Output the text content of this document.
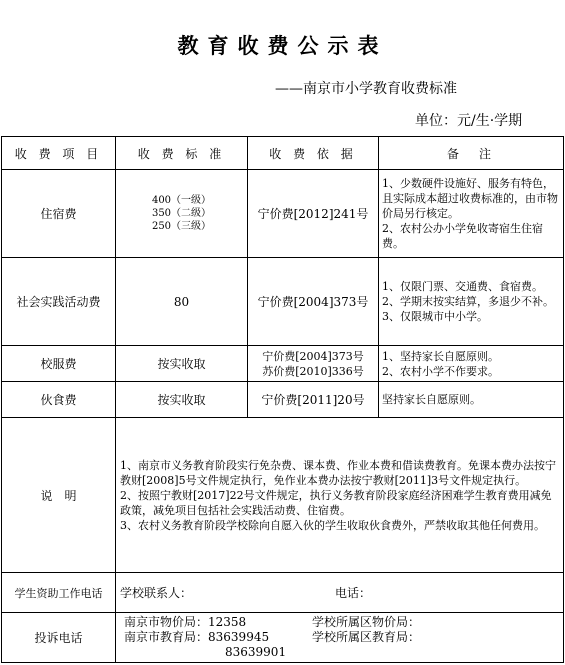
教育收费公示表
——南京市小学教育收费标准
单位：元/生·学期
收 费 项 目	收 费 标 准	收 费 依 据	备　注
住宿费	400（一级）
350（二级）
250（三级）	宁价费[2012]241号	1、少数硬件设施好、服务有特色，且实际成本超过收费标准的，由市物价局另行核定。
2、农村公办小学免收寄宿生住宿费。

社会实践活动费	80	宁价费[2004]373号	1、仅限门票、交通费、食宿费。
2、学期末按实结算，多退少不补。
3、仅限城市中小学。

校服费	按实收取	宁价费[2004]373号
苏价费[2010]336号	1、坚持家长自愿原则。
2、农村小学不作要求。

伙食费	按实收取	宁价费[2011]20号	坚持家长自愿原则。
说　明	1、南京市义务教育阶段实行免杂费、课本费、作业本费和借读费教育。免课本费办法按宁教财[2008]5号文件规定执行，免作业本费办法按宁教财[2011]3号文件规定执行。
2、按照宁教财[2017]22号文件规定，执行义务教育阶段家庭经济困难学生教育费用减免政策，减免项目包括社会实践活动费、住宿费。
3、农村义务教育阶段学校除向自愿入伙的学生收取伙食费外，严禁收取其他任何费用。		

学生资助工作电话	学校联系人： 电话：		

投诉电话	南京市物价局：12358 学校所属区物价局：
南京市教育局：83639945 学校所属区教育局：
83639901		
